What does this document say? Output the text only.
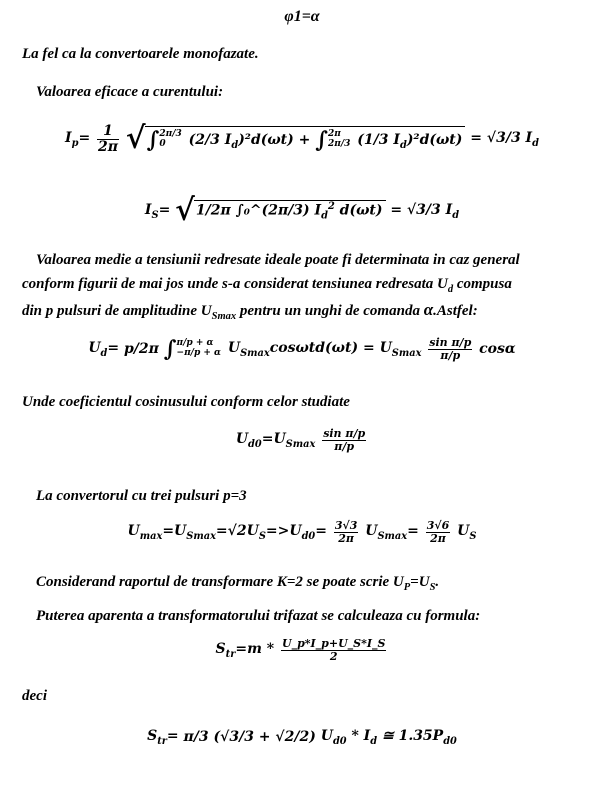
φ1=α
La fel ca la convertoarele monofazate.
Valoarea eficace a curentului:
$I_p= \frac{1}{2\pi} √\int 2\pi/3$
0 (2/3 $I_d)^2d(\omega t) + \int 2\pi$
2π/3 (1/3 $I_d)^2d(\omega t) = √3/3$ $I_d$
$I_S= √1/2\pi$ ∫₀^(2π/3) $I_d^2$ d(ωt) = √3/3 $I_d$
Valoarea medie a tensiunii redresate ideale poate fi determinata in caz general
conform figurii de mai jos unde s-a considerat tensiunea redresata $U_d$ compusa
din p pulsuri de amplitudine $U_{Smax}$ pentru un unghi de comanda α.Astfel:
$U_d= p/2\pi$ ∫π/p + α
−π/p + α $U_{Smax}\cos\omega td(\omega t) = U_{Smax} \frac{\text{sin π/p}}{\pi/p}$ cosα
Unde coeficientul cosinusului conform celor studiate
$U_{d0}=U_{Smax} \frac{\text{sin π/p}}{\pi/p}$
La convertorul cu trei pulsuri p=3
$U_{max}=U_{Smax}=√2U_S=>U_{d0}= \frac{3√3}{2\pi} U_{Smax}= \frac{3√6}{2\pi} U_S$
Considerand raportul de transformare K=2 se poate scrie $U_P=U_S$.
Puterea aparenta a transformatorului trifazat se calculeaza cu formula:
$S_{tr}=m * \frac{U\_p*I\_p+U\_S*I\_S}{2}$
deci
$S_{tr}= \pi/3$ (√3/3 + √2/2) $U_{d0} * I_d$ ≅ $1.35P_{d0}$
